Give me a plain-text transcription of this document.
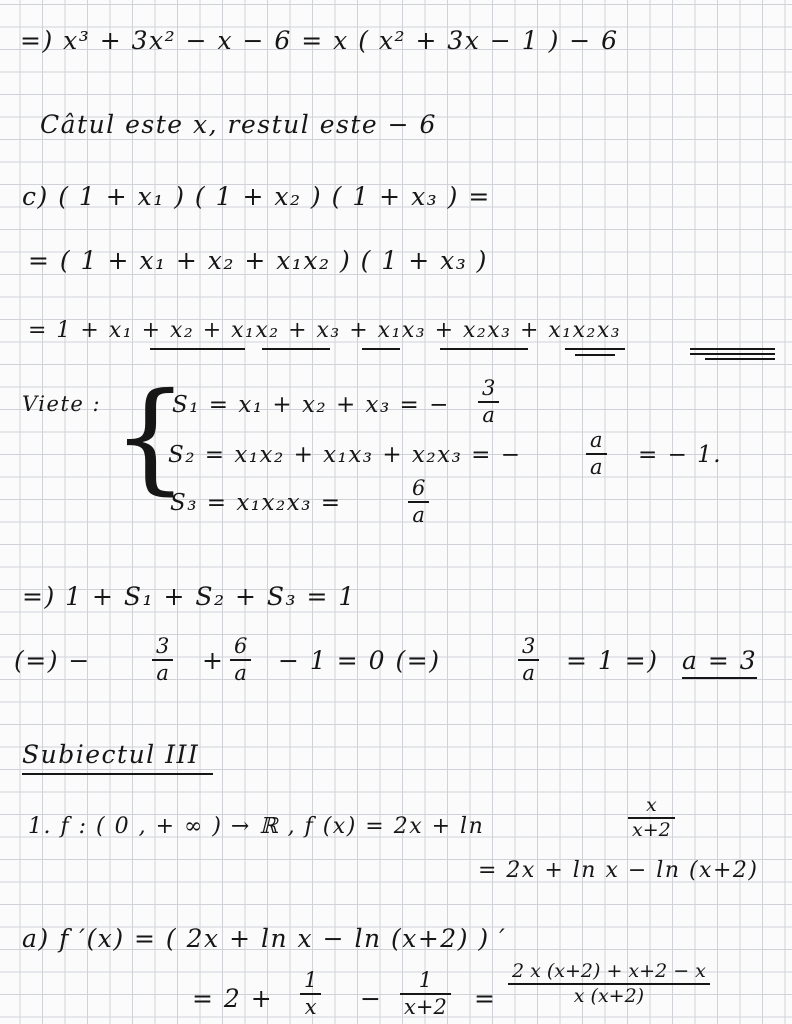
=) x³ + 3x² − x − 6 = x ( x² + 3x − 1 ) − 6
Câtul este x, restul este − 6
c) ( 1 + x₁ ) ( 1 + x₂ ) ( 1 + x₃ ) =
= ( 1 + x₁ + x₂ + x₁x₂ ) ( 1 + x₃ )
= 1 + x₁ + x₂ + x₁x₂ + x₃ + x₁x₃ + x₂x₃ + x₁x₂x₃
Viete : {
S₁ = x₁ + x₂ + x₃ = −
3
a
S₂ = x₁x₂ + x₁x₃ + x₂x₃ = −
a
a = − 1.
S₃ = x₁x₂x₃ =
6
a
=) 1 + S₁ + S₂ + S₃ = 1
(=) −	3
a + 6
a − 1 = 0 (=)	3
a = 1 =) a = 3
Subiectul III
1. f : ( 0 , + ∞ ) → ℝ , f (x) = 2x + ln
x
x+2
= 2x + ln x − ln (x+2)
a) f ′(x) = ( 2x + ln x − ln (x+2) ) ′
= 2 +
1
x −
1
x+2 =
2 x (x+2) + x+2 − x
x (x+2)
